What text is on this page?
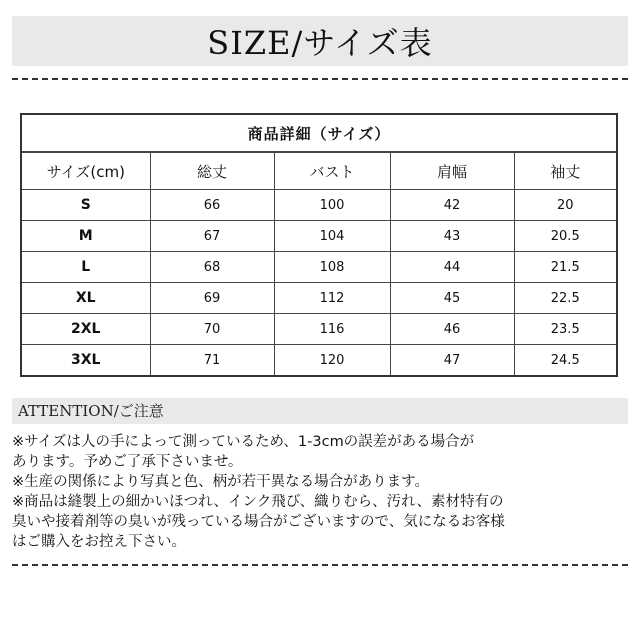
SIZE/サイズ表
商品詳細（サイズ）
サイズ(cm)	総丈	バスト	肩幅	袖丈
S	66	100	42	20
M	67	104	43	20.5
L	68	108	44	21.5
XL	69	112	45	22.5
2XL	70	116	46	23.5
3XL	71	120	47	24.5
ATTENTION/ご注意
※サイズは人の手によって測っているため、1-3cmの誤差がある場合が
あります。予めご了承下さいませ。
※生産の関係により写真と色、柄が若干異なる場合があります。
※商品は縫製上の細かいほつれ、インク飛び、織りむら、汚れ、素材特有の
臭いや接着剤等の臭いが残っている場合がございますので、気になるお客様
はご購入をお控え下さい。
